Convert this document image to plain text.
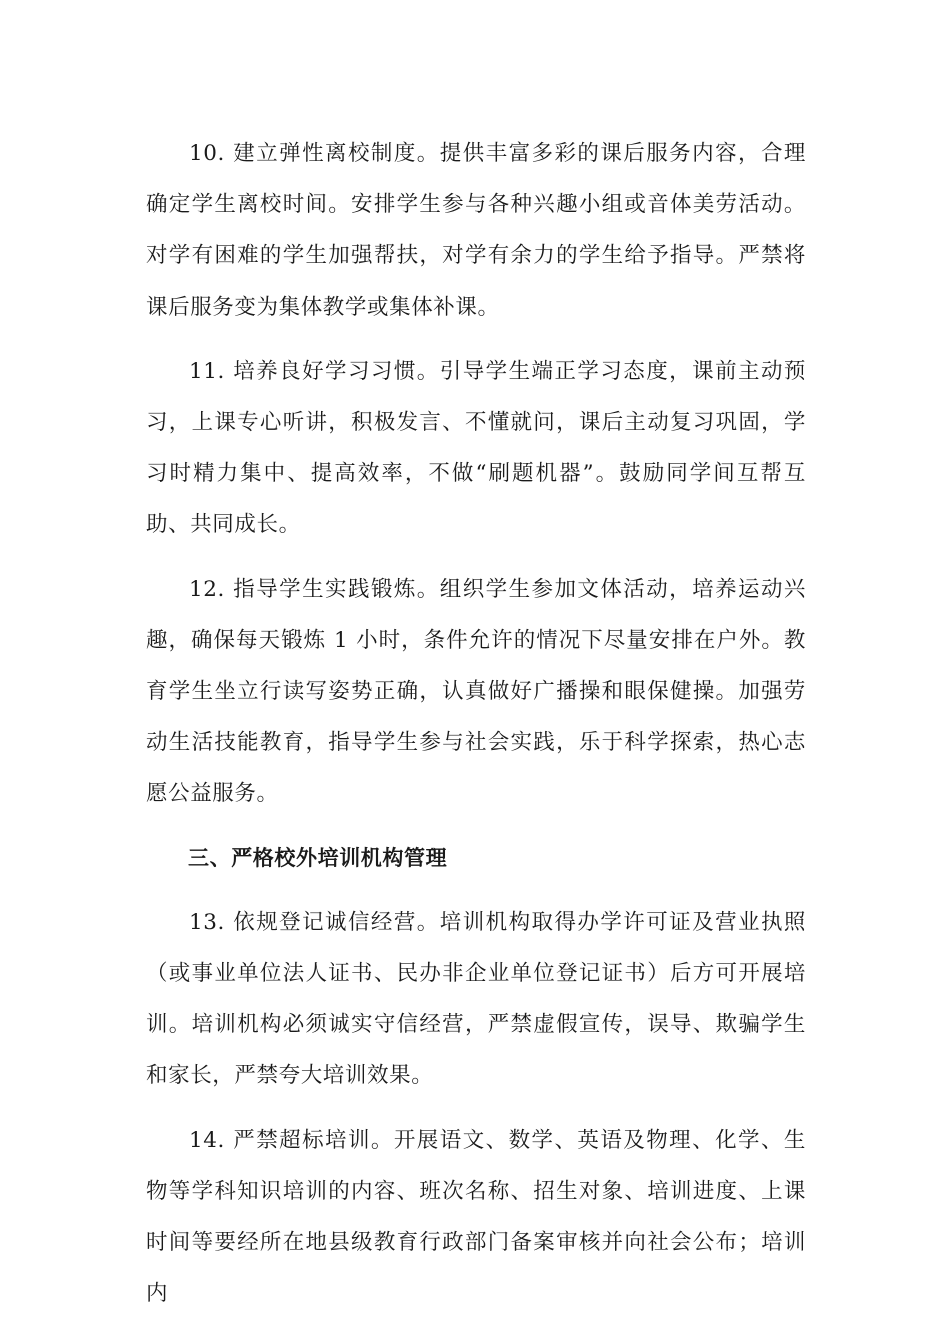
10. 建立弹性离校制度。提供丰富多彩的课后服务内容，合理确定学生离校时间。安排学生参与各种兴趣小组或音体美劳活动。对学有困难的学生加强帮扶，对学有余力的学生给予指导。严禁将课后服务变为集体教学或集体补课。

11. 培养良好学习习惯。引导学生端正学习态度，课前主动预习，上课专心听讲，积极发言、不懂就问，课后主动复习巩固，学习时精力集中、提高效率，不做“刷题机器”。鼓励同学间互帮互助、共同成长。

12. 指导学生实践锻炼。组织学生参加文体活动，培养运动兴趣，确保每天锻炼 1 小时，条件允许的情况下尽量安排在户外。教育学生坐立行读写姿势正确，认真做好广播操和眼保健操。加强劳动生活技能教育，指导学生参与社会实践，乐于科学探索，热心志愿公益服务。

三、严格校外培训机构管理

13. 依规登记诚信经营。培训机构取得办学许可证及营业执照（或事业单位法人证书、民办非企业单位登记证书）后方可开展培训。培训机构必须诚实守信经营，严禁虚假宣传，误导、欺骗学生和家长，严禁夸大培训效果。

14. 严禁超标培训。开展语文、数学、英语及物理、化学、生物等学科知识培训的内容、班次名称、招生对象、培训进度、上课时间等要经所在地县级教育行政部门备案审核并向社会公布；培训内
